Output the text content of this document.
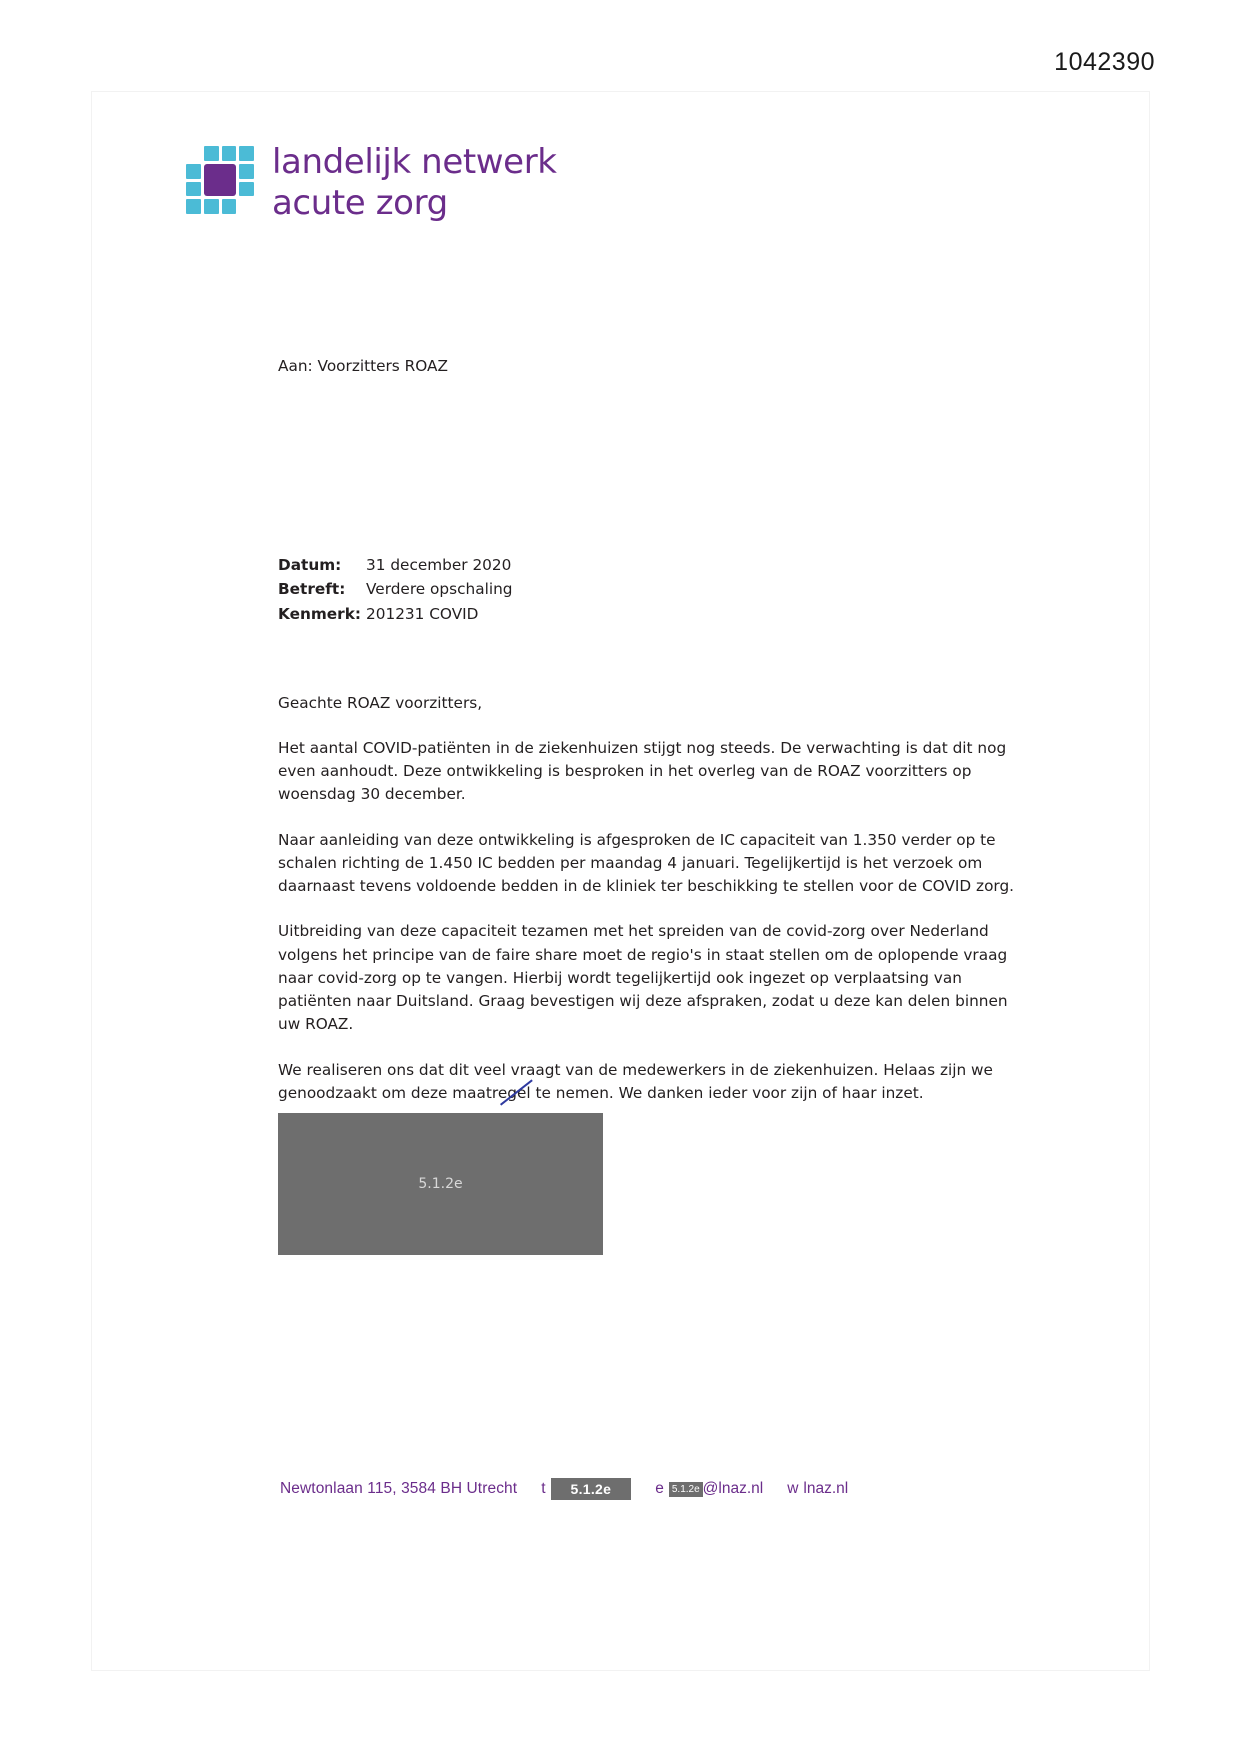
1042390
landelijk netwerk
acute zorg
Aan: Voorzitters ROAZ
Datum:	31 december 2020
Betreft:	Verdere opschaling
Kenmerk: 201231 COVID
Geachte ROAZ voorzitters,
Het aantal COVID-patiënten in de ziekenhuizen stijgt nog steeds. De verwachting is dat dit nog even aanhoudt. Deze ontwikkeling is besproken in het overleg van de ROAZ voorzitters op woensdag 30 december.
Naar aanleiding van deze ontwikkeling is afgesproken de IC capaciteit van 1.350 verder op te schalen richting de 1.450 IC bedden per maandag 4 januari. Tegelijkertijd is het verzoek om daarnaast tevens voldoende bedden in de kliniek ter beschikking te stellen voor de COVID zorg.
Uitbreiding van deze capaciteit tezamen met het spreiden van de covid-zorg over Nederland volgens het principe van de faire share moet de regio's in staat stellen om de oplopende vraag naar covid-zorg op te vangen. Hierbij wordt tegelijkertijd ook ingezet op verplaatsing van patiënten naar Duitsland. Graag bevestigen wij deze afspraken, zodat u deze kan delen binnen uw ROAZ.
We realiseren ons dat dit veel vraagt van de medewerkers in de ziekenhuizen. Helaas zijn we genoodzaakt om deze maatregel te nemen. We danken ieder voor zijn of haar inzet.
5.1.2e
Newtonlaan 115, 3584 BH Utrecht t	5.1.2e	e 5.1.2e @lnaz.nl w lnaz.nl
